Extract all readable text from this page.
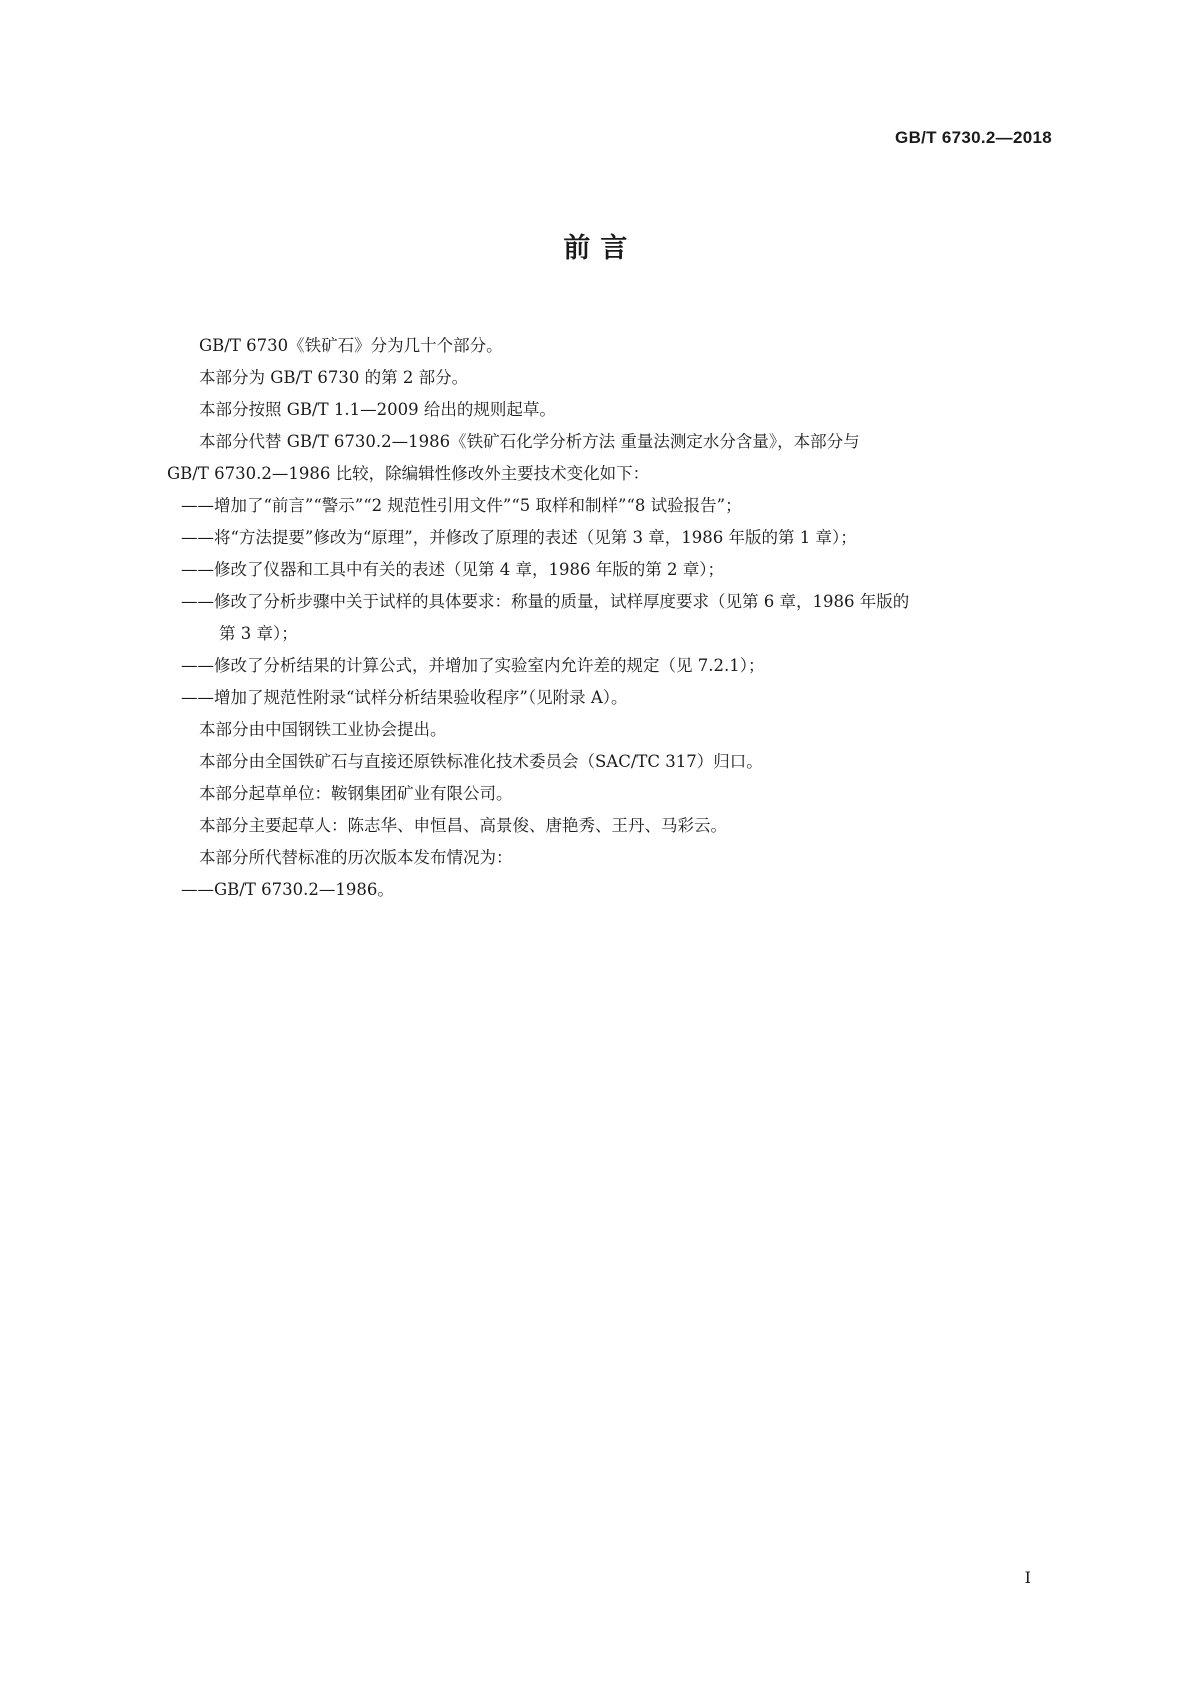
GB/T 6730.2—2018
前 言
GB/T 6730《铁矿石》分为几十个部分。
本部分为 GB/T 6730 的第 2 部分。
本部分按照 GB/T 1.1—2009 给出的规则起草。
本部分代替 GB/T 6730.2—1986《铁矿石化学分析方法 重量法测定水分含量》，本部分与
GB/T 6730.2—1986 比较，除编辑性修改外主要技术变化如下：
——增加了“前言”“警示”“2 规范性引用文件”“5 取样和制样”“8 试验报告”；
——将“方法提要”修改为“原理”，并修改了原理的表述（见第 3 章，1986 年版的第 1 章）；
——修改了仪器和工具中有关的表述（见第 4 章，1986 年版的第 2 章）；
——修改了分析步骤中关于试样的具体要求：称量的质量，试样厚度要求（见第 6 章，1986 年版的
第 3 章）；
——修改了分析结果的计算公式，并增加了实验室内允许差的规定（见 7.2.1）；
——增加了规范性附录“试样分析结果验收程序”（见附录 A）。
本部分由中国钢铁工业协会提出。
本部分由全国铁矿石与直接还原铁标准化技术委员会（SAC/TC 317）归口。
本部分起草单位：鞍钢集团矿业有限公司。
本部分主要起草人：陈志华、申恒昌、高景俊、唐艳秀、王丹、马彩云。
本部分所代替标准的历次版本发布情况为：
——GB/T 6730.2—1986。
I
